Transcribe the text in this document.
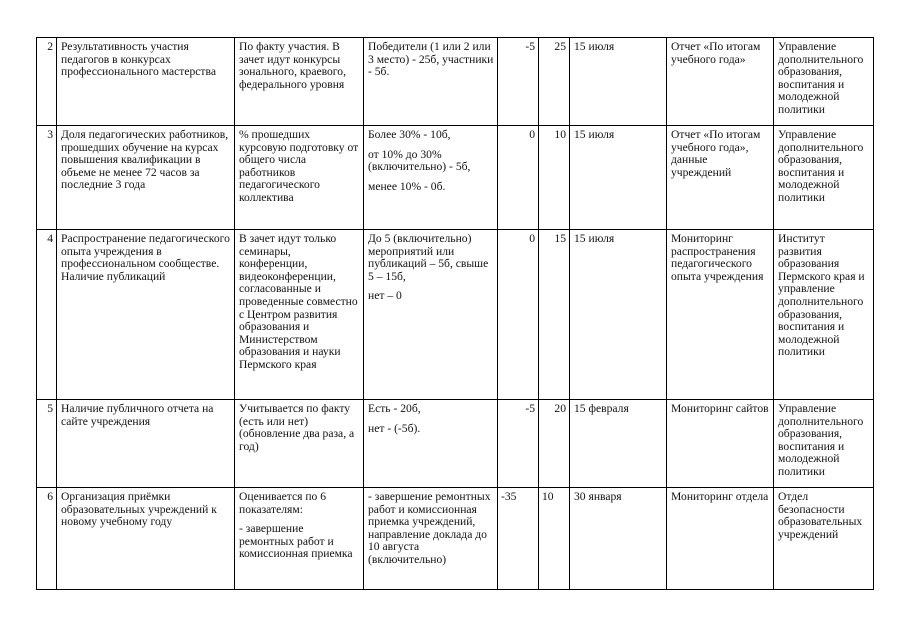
2	Результативность участия педагогов в конкурсах профессионального мастерства	По факту участия. В зачет идут конкурсы зонального, краевого, федерального уровня	Победители (1 или 2 или 3 место) - 25б, участники - 5б.	-5	25	15 июля	Отчет «По итогам учебного года»	Управление дополнительного образования, воспитания и молодежной политики
3	Доля педагогических работников, прошедших обучение на курсах повышения квалификации в объеме не менее 72 часов за последние 3 года	% прошедших курсовую подготовку от общего числа работников педагогического коллектива	Более 30% - 10б,
от 10% до 30% (включительно) - 5б,
менее 10% - 0б.	0	10	15 июля	Отчет «По итогам учебного года», данные учреждений	Управление дополнительного образования, воспитания и молодежной политики
4	Распространение педагогического опыта учреждения в профессиональном сообществе. Наличие публикаций	В зачет идут только семинары, конференции, видеоконференции, согласованные и проведенные совместно с Центром развития образования и Министерством образования и науки Пермского края	До 5 (включительно) мероприятий или публикаций – 5б, свыше 5 – 15б,
нет – 0	0	15	15 июля	Мониторинг распространения педагогического опыта учреждения	Институт развития образования Пермского края и управление дополнительного образования, воспитания и молодежной политики
5	Наличие публичного отчета на сайте учреждения	Учитывается по факту (есть или нет) (обновление два раза, а год)	Есть - 20б,
нет - (-5б).	-5	20	15 февраля	Мониторинг сайтов	Управление дополнительного образования, воспитания и молодежной политики
6	Организация приёмки образовательных учреждений к новому учебному году	Оценивается по 6 показателям:
- завершение ремонтных работ и комиссионная приемка	- завершение ремонтных работ и комиссионная приемка учреждений, направление доклада до 10 августа (включительно)	-35	10	30 января	Мониторинг отдела	Отдел безопасности образовательных учреждений
